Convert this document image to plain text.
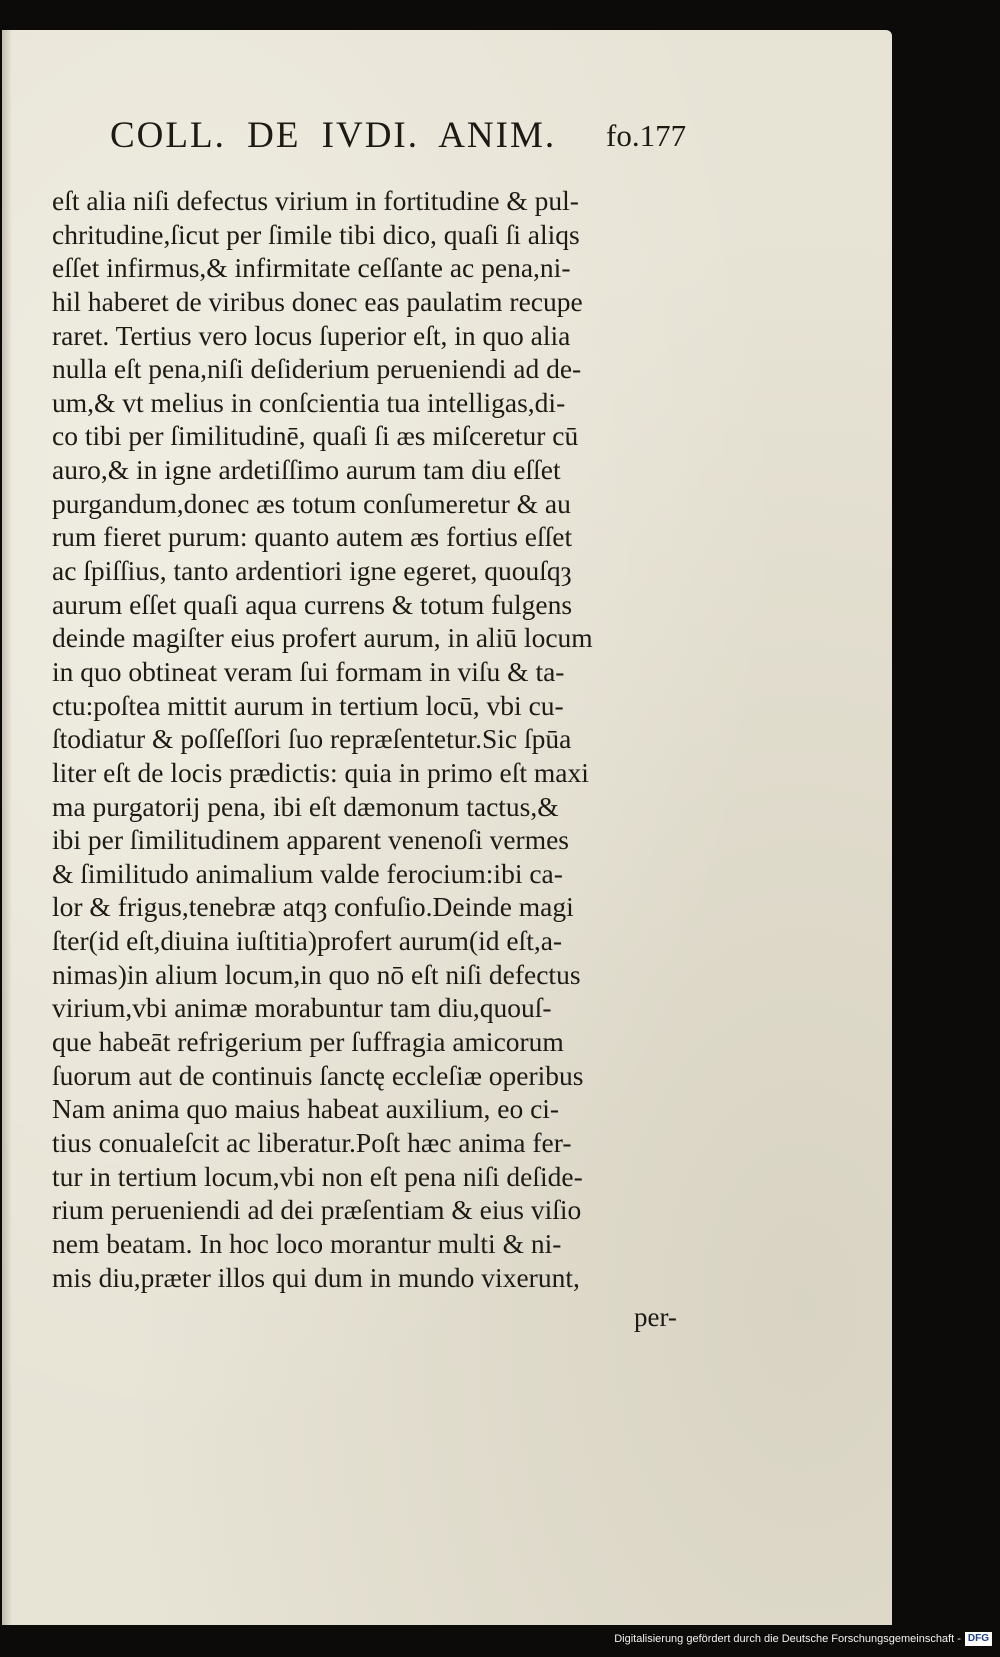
COLL. DE IVDI. ANIM. fo.177
eſt alia niſi defectus virium in fortitudine & pul-
chritudine,ſicut per ſimile tibi dico, quaſi ſi aliqs
eſſet infirmus,& infirmitate ceſſante ac pena,ni-
hil haberet de viribus donec eas paulatim recupe
raret. Tertius vero locus ſuperior eſt, in quo alia
nulla eſt pena,niſi deſiderium perueniendi ad de-
um,& vt melius in conſcientia tua intelligas,di-
co tibi per ſimilitudinē, quaſi ſi æs miſceretur cū
auro,& in igne ardetiſſimo aurum tam diu eſſet
purgandum,donec æs totum conſumeretur & au
rum fieret purum: quanto autem æs fortius eſſet
ac ſpiſſius, tanto ardentiori igne egeret, quouſqȝ
aurum eſſet quaſi aqua currens & totum fulgens
deinde magiſter eius profert aurum, in aliū locum
in quo obtineat veram ſui formam in viſu & ta-
ctu:poſtea mittit aurum in tertium locū, vbi cu-
ſtodiatur & poſſeſſori ſuo repræſentetur.Sic ſpūa
liter eſt de locis prædictis: quia in primo eſt maxi
ma purgatorij pena, ibi eſt dæmonum tactus,&
ibi per ſimilitudinem apparent venenoſi vermes
& ſimilitudo animalium valde ferocium:ibi ca-
lor & frigus,tenebræ atqȝ confuſio.Deinde magi
ſter(id eſt,diuina iuſtitia)profert aurum(id eſt,a-
nimas)in alium locum,in quo nō eſt niſi defectus
virium,vbi animæ morabuntur tam diu,quouſ-
que habeāt refrigerium per ſuffragia amicorum
ſuorum aut de continuis ſanctę eccleſiæ operibus
Nam anima quo maius habeat auxilium, eo ci-
tius conualeſcit ac liberatur.Poſt hæc anima fer-
tur in tertium locum,vbi non eſt pena niſi deſide-
rium perueniendi ad dei præſentiam & eius viſio
nem beatam. In hoc loco morantur multi & ni-
mis diu,præter illos qui dum in mundo vixerunt,
per-
Digitalisierung gefördert durch die Deutsche Forschungsgemeinschaft - DFG
